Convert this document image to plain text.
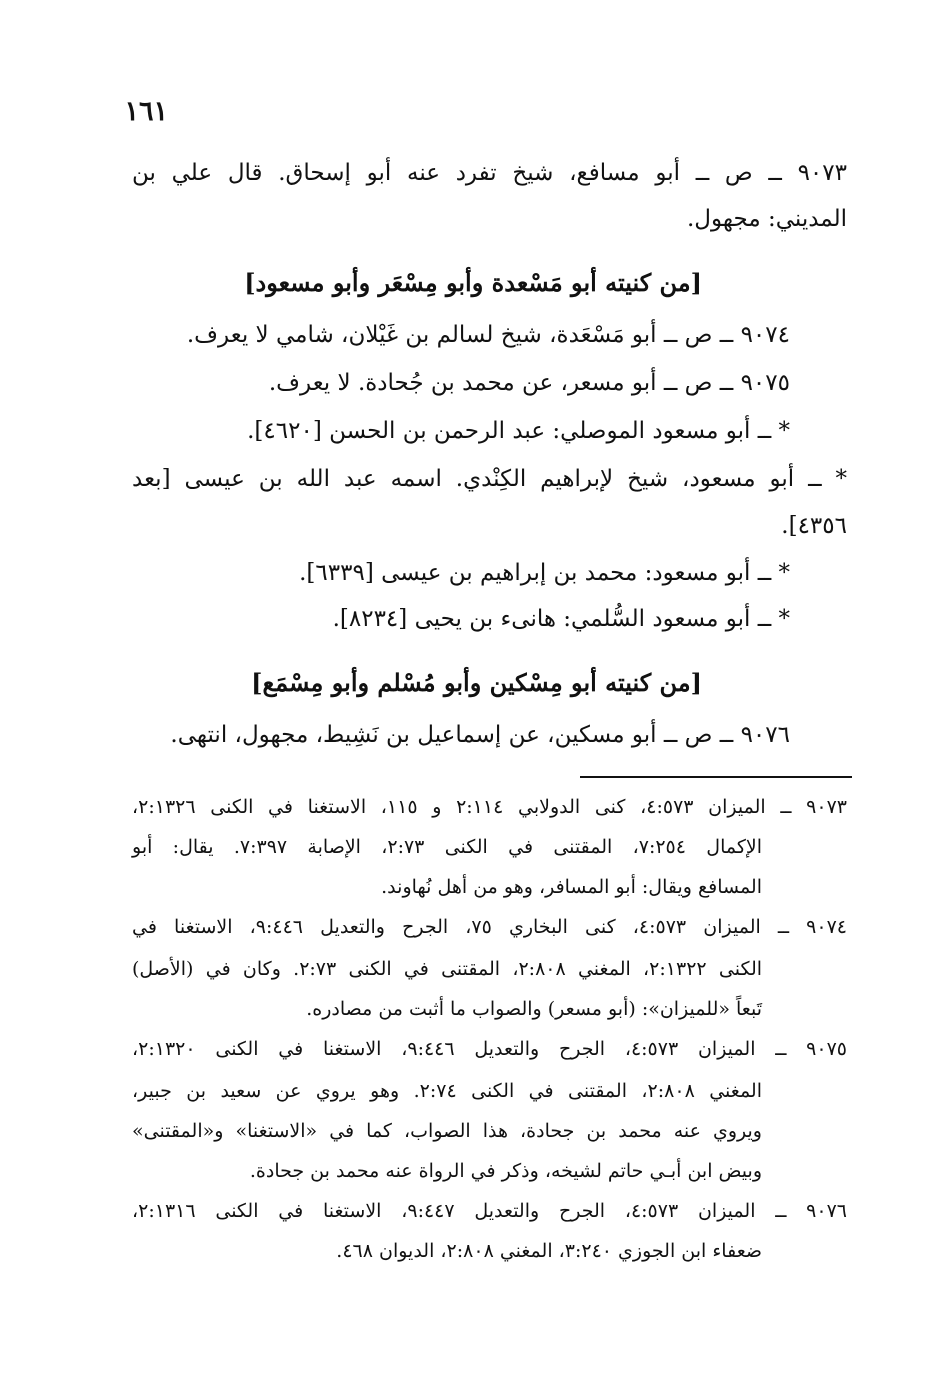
١٦١
٩٠٧٣ ــ ص ــ أبو مسافع، شيخ تفرد عنه أبو إسحاق. قال علي بن
المديني: مجهول.
[من كنيته أبو مَسْعدة وأبو مِسْعَر وأبو مسعود]
٩٠٧٤ ــ ص ــ أبو مَسْعَدة، شيخ لسالم بن غَيْلان، شامي لا يعرف.
٩٠٧٥ ــ ص ــ أبو مسعر، عن محمد بن جُحادة. لا يعرف.
* ــ أبو مسعود الموصلي: عبد الرحمن بن الحسن [٤٦٢٠].
* ــ أبو مسعود، شيخ لإبراهيم الكِنْدي. اسمه عبد الله بن عيسى [بعد
٤٣٥٦].
* ــ أبو مسعود: محمد بن إبراهيم بن عيسى [٦٣٣٩].
* ــ أبو مسعود السُّلمي: هانىء بن يحيى [٨٢٣٤].
[من كنيته أبو مِسْكين وأبو مُسْلم وأبو مِسْمَع]
٩٠٧٦ ــ ص ــ أبو مسكين، عن إسماعيل بن نَشِيط، مجهول، انتهى.
٩٠٧٣ ــ الميزان ٤:٥٧٣، كنى الدولابي ٢:١١٤ و ١١٥، الاستغنا في الكنى ٢:١٣٢٦،
الإكمال ٧:٢٥٤، المقتنى في الكنى ٢:٧٣، الإصابة ٧:٣٩٧. يقال: أبو
المسافع ويقال: أبو المسافر، وهو من أهل نُهاوند.
٩٠٧٤ ــ الميزان ٤:٥٧٣، كنى البخاري ٧٥، الجرح والتعديل ٩:٤٤٦، الاستغنا في
الكنى ٢:١٣٢٢، المغني ٢:٨٠٨، المقتنى في الكنى ٢:٧٣. وكان في (الأصل)
تَبعاً «للميزان»: (أبو مسعر) والصواب ما أثبت من مصادره.
٩٠٧٥ ــ الميزان ٤:٥٧٣، الجرح والتعديل ٩:٤٤٦، الاستغنا في الكنى ٢:١٣٢٠،
المغني ٢:٨٠٨، المقتنى في الكنى ٢:٧٤. وهو يروي عن سعيد بن جبير،
ويروي عنه محمد بن جحادة، هذا الصواب، كما في «الاستغنا» و«المقتنى»
وبيض ابن أبـي حاتم لشيخه، وذكر في الرواة عنه محمد بن جحادة.
٩٠٧٦ ــ الميزان ٤:٥٧٣، الجرح والتعديل ٩:٤٤٧، الاستغنا في الكنى ٢:١٣١٦،
ضعفاء ابن الجوزي ٣:٢٤٠، المغني ٢:٨٠٨، الديوان ٤٦٨.
